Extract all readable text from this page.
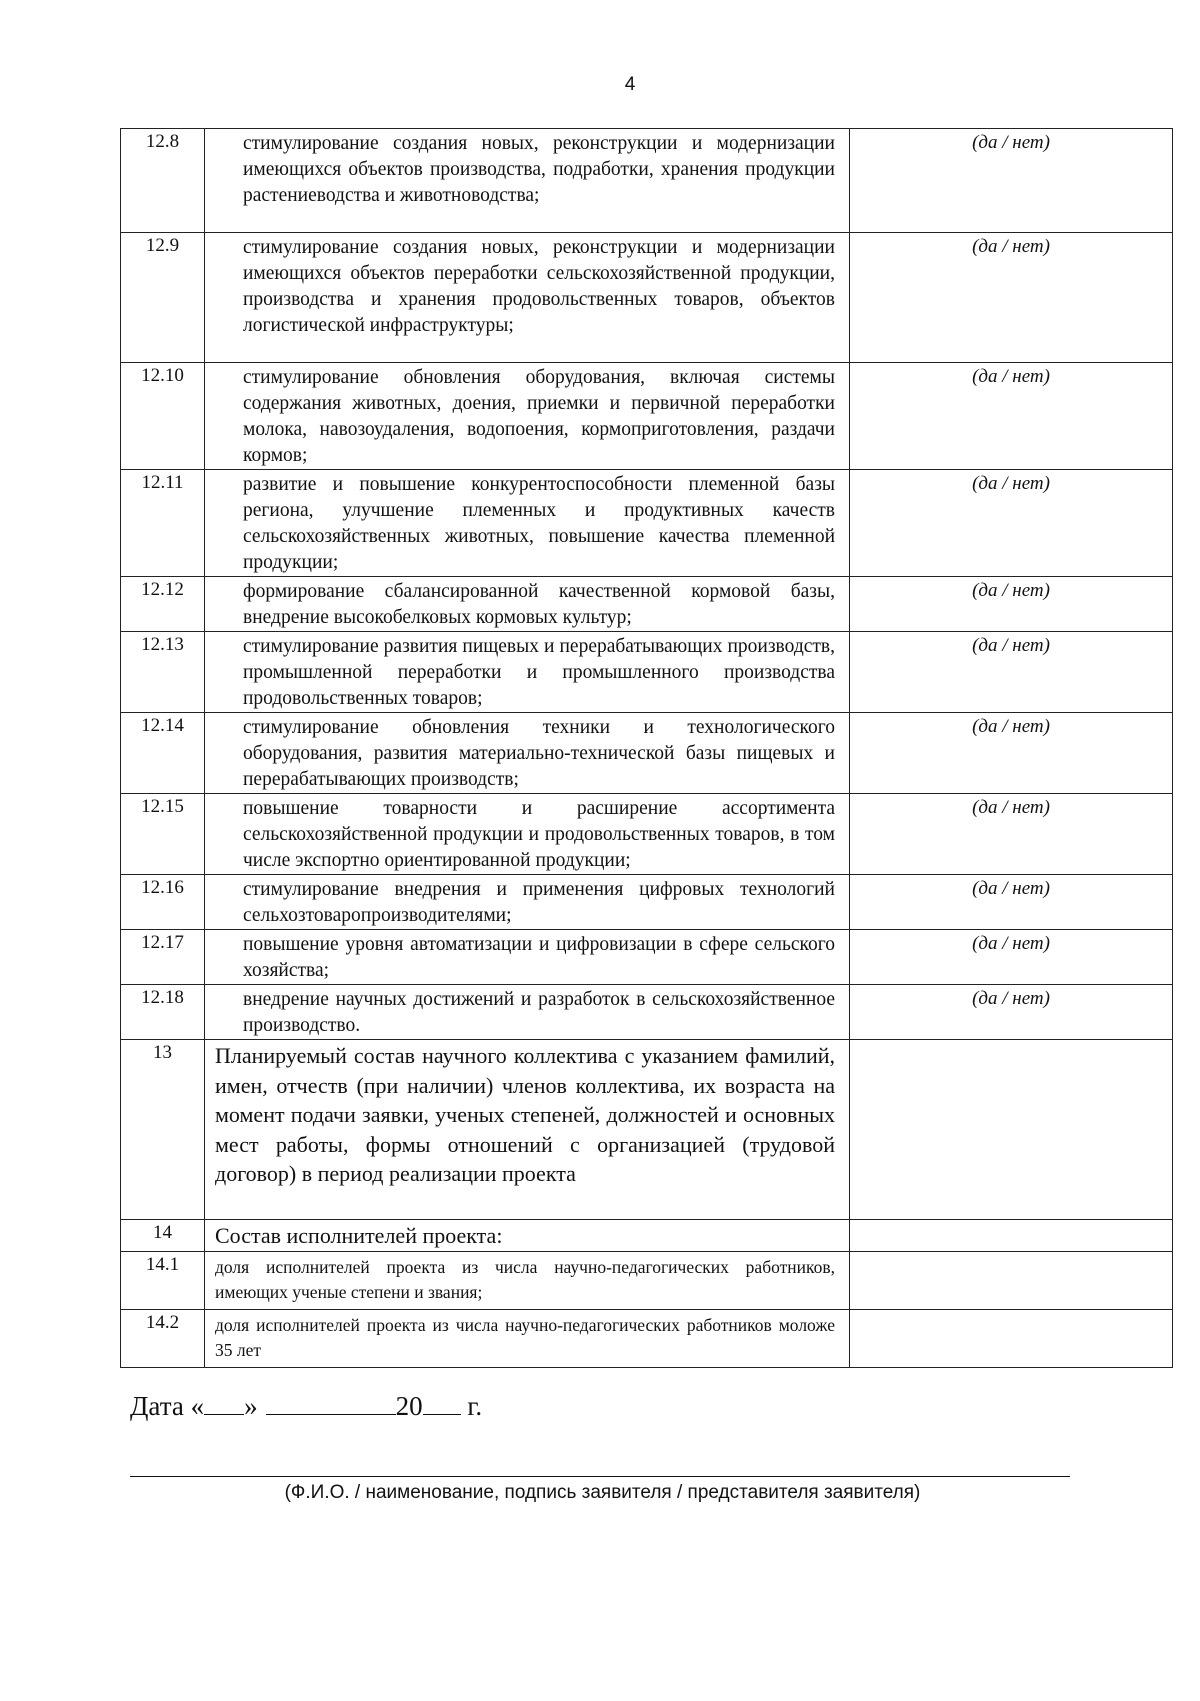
4
12.8	стимулирование создания новых, реконструкции и модернизации имеющихся объектов производства, подработки, хранения продукции растениеводства и животноводства;	(да / нет)
12.9	стимулирование создания новых, реконструкции и модернизации имеющихся объектов переработки сельскохозяйственной продукции, производства и хранения продовольственных товаров, объектов логистической инфраструктуры;	(да / нет)
12.10	стимулирование обновления оборудования, включая системы содержания животных, доения, приемки и первичной переработки молока, навозоудаления, водопоения, кормоприготовления, раздачи кормов;	(да / нет)
12.11	развитие и повышение конкурентоспособности племенной базы региона, улучшение племенных и продуктивных качеств сельскохозяйственных животных, повышение качества племенной продукции;	(да / нет)
12.12	формирование сбалансированной качественной кормовой базы, внедрение высокобелковых кормовых культур;	(да / нет)
12.13	стимулирование развития пищевых и перерабатывающих производств, промышленной переработки и промышленного производства продовольственных товаров;	(да / нет)
12.14	стимулирование обновления техники и технологического оборудования, развития материально-технической базы пищевых и перерабатывающих производств;	(да / нет)
12.15	повышение товарности и расширение ассортимента сельскохозяйственной продукции и продовольственных товаров, в том числе экспортно ориентированной продукции;	(да / нет)
12.16	стимулирование внедрения и применения цифровых технологий сельхозтоваропроизводителями;	(да / нет)
12.17	повышение уровня автоматизации и цифровизации в сфере сельского хозяйства;	(да / нет)
12.18	внедрение научных достижений и разработок в сельскохозяйственное производство.	(да / нет)
13	Планируемый состав научного коллектива с указанием фамилий, имен, отчеств (при наличии) членов коллектива, их возраста на момент подачи заявки, ученых степеней, должностей и основных мест работы, формы отношений с организацией (трудовой договор) в период реализации проекта	
14	Состав исполнителей проекта:	
14.1	доля исполнителей проекта из числа научно-педагогических работников, имеющих ученые степени и звания;	
14.2	доля исполнителей проекта из числа научно-педагогических работников моложе 35 лет	
Дата « »	20 г.
(Ф.И.О. / наименование, подпись заявителя / представителя заявителя)
